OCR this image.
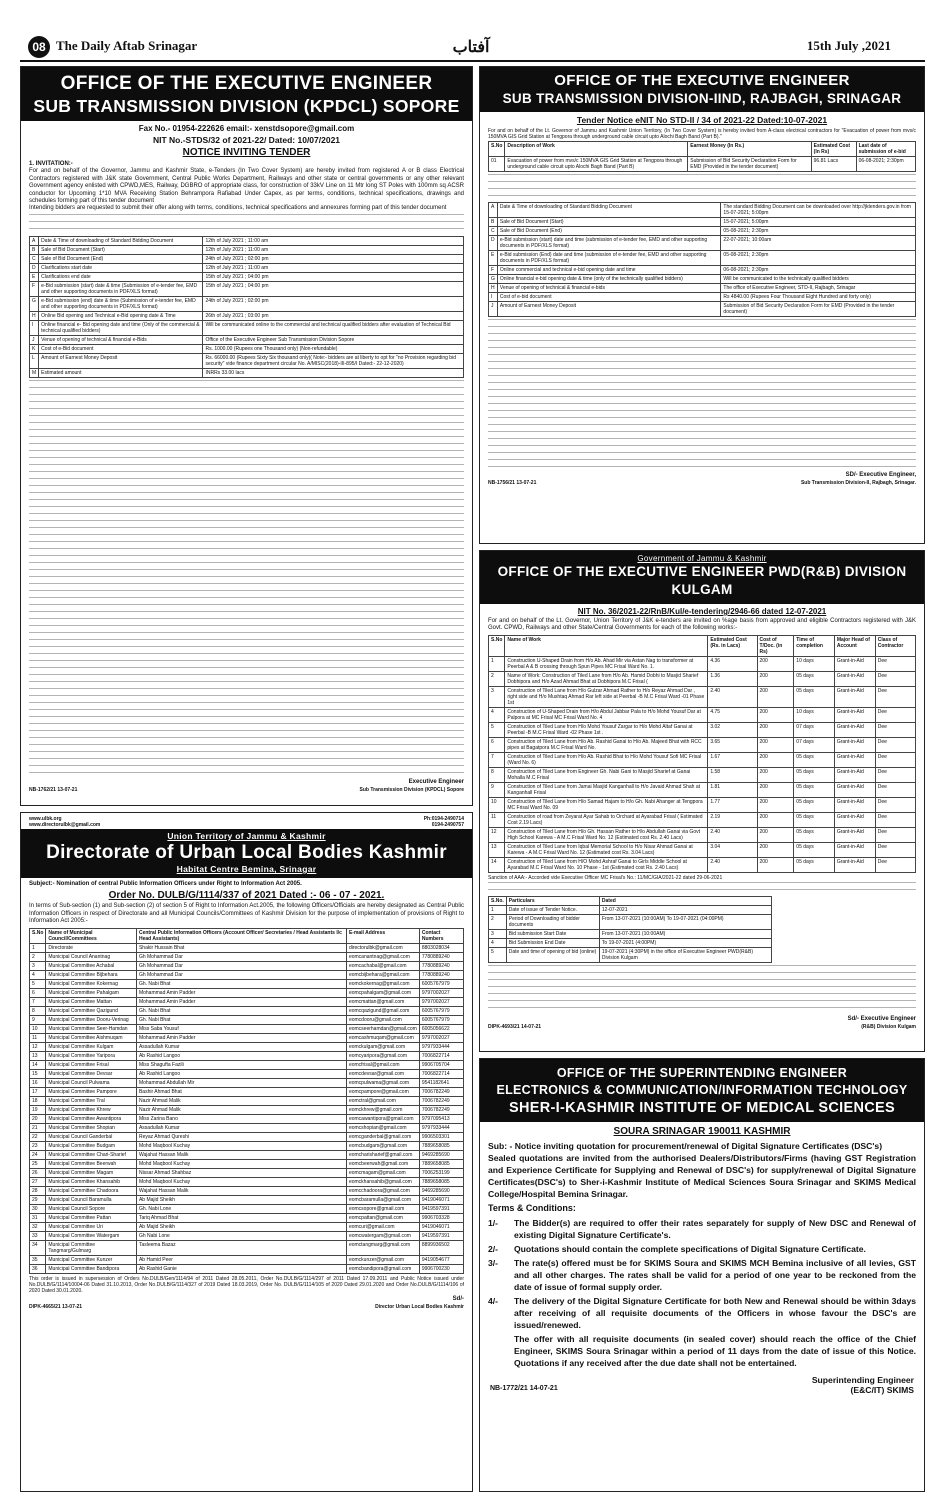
08 The Daily Aftab Srinagar	آفتاب	15th July ,2021
OFFICE OF THE EXECUTIVE ENGINEER
SUB TRANSMISSION DIVISION (KPDCL) SOPORE
Fax No.- 01954-222626 email:- xenstdsopore@gmail.com
NIT No.-STDS/32 of 2021-22/ Dated: 10/07/2021
NOTICE INVITING TENDER
1. INVITATION:-
For and on behalf of the Governor, Jammu and Kashmir State, e-Tenders (In Two Cover System) are hereby invited from registered A or B class Electrical Contractors registered with J&K state Government, Central Public Works Department, Railways and other state or central governments or any other relevant Government agency enlisted with CPWD,MES, Railway, DGBRO of appropriate class, for construction of 33kV Line on 11 Mtr long ST Poles with 100mm sq ACSR conductor for Upcoming 1*10 MVA Receiving Station Behrampora Rafiabad Under Capex, as per terms, conditions, technical specifications, drawings and schedules forming part of this tender document
Intending bidders are requested to submit their offer along with terms, conditions, technical specifications and annexures forming part of this tender document
A	Date & Time of downloading of Standard Bidding Document	12th of July 2021 ; 11:00 am
B	Sale of Bid Document (Start)	12th of July 2021 ; 11:00 am
C	Sale of Bid Document (End)	24th of July 2021 ; 02:00 pm
D	Clarifications start date	12th of July 2021 ; 11:00 am
E	Clarifications end date	15th of July 2021 ; 04:00 pm
F	e-Bid submission (start) date & time (Submission of e-tender fee, EMD and other supporting documents in PDF/XLS format)	15th of July 2021 ; 04:00 pm
G	e-Bid submission (end) date & time (Submission of e-tender fee, EMD and other supporting documents in PDF/XLS format)	24th of July 2021 ; 02:00 pm
H	Online Bid opening and Technical e-Bid opening date & Time	26th of July 2021 ; 03:00 pm
I	Online financial e- Bid opening date and time (Only of the commercial & technical qualified bidders)	Will be communicated online to the commercial and technical qualified bidders after evaluation of Technical Bid
J	Venue of opening of technical & financial e-Bids	Office of the Executive Engineer Sub Transmission Division Sopore
K	Cost of e-Bid document	Rs. 1000.00 (Rupees one Thousand only) (Non-refundable)
L	Amount of Earnest Money Deposit	Rs. 66000.00 (Rupees Sixty Six thousand only)( Note:- bidders are at liberty to opt for "no Provision regarding bid security" vide finance department circular No. A/MISC(2018)-III-895/I Dated:- 22-12-2020)
M	Estimated amount	INRRs 33.00 lacs
Executive Engineer
NB-1762/21 13-07-21	Sub Transmission Division (KPDCL) Sopore
OFFICE OF THE EXECUTIVE ENGINEER
SUB TRANSMISSION DIVISION-IIND, RAJBAGH, SRINAGAR
Tender Notice eNIT No STD-II / 34 of 2021-22 Dated:10-07-2021
For and on behalf of the Lt. Governor of Jammu and Kashmir Union Territory, (In Two Cover System) is hereby invited from A-class electrical contractors for "Evacuation of power from mvs/c 150MVA GIS Grid Station at Tengpora through underground cable circuit upto Alochi Bagh Band (Part B)."
S.No	Description of Work	Earnest Money (In Rs.)	Estimated Cost (In Rs)	Last date of submission of e-bid
01	Evacuation of power from mvs/c 150MVA GIS Grid Station at Tengpora through underground cable circuit upto Alochi Bagh Band (Part B)	Submission of Bid Security Declaration Form for EMD (Provided in the tender document)	96.81 Lacs	06-08-2021; 2:30pm
A	Date & Time of downloading of Standard Bidding Document	The standard Bidding Document can be downloaded over http://jktenders.gov.in from 15-07-2021; 5:00pm
B	Sale of Bid Document (Start)	15-07-2021; 5:00pm
C	Sale of Bid Document (End)	05-08-2021; 2:30pm
D	e-Bid submission (start) date and time (submission of e-tender fee, EMD and other supporting documents in PDF/XLS format)	22-07-2021; 10:00am
E	e-Bid submission (End) date and time (submission of e-tender fee, EMD and other supporting documents in PDF/XLS format)	05-08-2021; 2:30pm
F	Online commercial and technical e-bid opening date and time	06-08-2021; 2:30pm
G	Online financial e-bid opening date & time (only of the technically qualified bidders)	Will be communicated to the technically qualified bidders
H	Venue of opening of technical & financial e-bids	The office of Executive Engineer, STD-II, Rajbagh, Srinagar
I	Cost of e-bid document	Rs 4840.00 (Rupees Four Thousand Eight Hundred and forty only)
J	Amount of Earnest Money Deposit	Submission of Bid Security Declaration Form for EMD (Provided in the tender document)
SD/- Executive Engineer,
NB-1756/21 13-07-21	Sub Transmission Division-II, Rajbagh, Srinagar.
Government of Jammu & Kashmir
OFFICE OF THE EXECUTIVE ENGINEER PWD(R&B) DIVISION KULGAM
NIT No. 36/2021-22/RnB/Kul/e-tendering/2946-66 dated 12-07-2021
For and on behalf of the Lt. Governor, Union Territory of J&K e-tenders are invited on %age basis from approved and eligible Contractors registered with J&K Govt. CPWD, Railways and other State/Central Governments for each of the following works:-
S.No	Name of Work	Estimated Cost (Rs. in Lacs)	Cost of T/Doc. (in Rs)	Time of completion	Major Head of Account	Class of Contractor
1	Construction U-Shaped Drain from H/o Ab. Ahad Mir via Astan Nag to transformer at Peerbal A & B crossing through Spun Pipes MC Frisal Ward No. 1.	4.36	200	10 days	Grant-in-Aid	Dee
2	Name of Work: Construction of Tiled Lane from H/o Ab. Hamid Dobhi to Masjid Sharief Dobhipora and H/o Azad Ahmad Bhat at Dobhipora M.C Frisal (	1.36	200	05 days	Grant-in-Aid	Dee
3	Construction of Tiled Lane from H/o Gulzar Ahmad Rather to H/o Reyaz Ahmad Dar , right side and H/o Mushtaq Ahmad Rar left side at Peerbal -B M.C Frisal Ward -01 Phase 1st	2.40	200	05 days	Grant-in-Aid	Dee
4	Construction of U-Shaped Drain from H/o Abdul Jabbar Pala to H/o Mohd Yousuf Dar at Palpora at MC Frisal MC Frisal Ward No. 4	4.75	200	10 days	Grant-in-Aid	Dee
5	Construction of Tiled Lane from H/o Mohd Yousuf Zargar to H/o Mohd Altaf Ganai at Peerbal -B M.C Frisal Ward -02 Phase 1st .	3.02	200	07 days	Grant-in-Aid	Dee
6	Construction of Tiled Lane from H/o Ab. Rashid Ganai to H/o Ab. Majeed Bhat with RCC pipes at Bagatpora M.C Frisal Ward No.	3.65	200	07 days	Grant-in-Aid	Dee
7	Construction of Tiled Lane from H/o Ab. Rashid Bhat to H/o Mohd Yousuf Sofi MC Frisal (Ward No. 6)	1.67	200	05 days	Grant-in-Aid	Dee
8	Construction of Tiled Lane from Engineer Gh. Nabi Gani to Masjid Sharief at Ganai Mohalla M.C Frisal	1.58	200	05 days	Grant-in-Aid	Dee
9	Construction of Tiled Lane from Jamai Masjid Kanganhall to H/o Javaid Ahmad Shah at Kanganhall Frisal	1.81	200	05 days	Grant-in-Aid	Dee
10	Construction of Tiled Lane from H/o Samad Hajam to H/o Gh. Nabi Ahanger at Tengpora MC Frisal Ward No. 09	1.77	200	05 days	Grant-in-Aid	Dee
11	Construction of road from Zeyarat Ayar Sahab to Orchard at Ayarabad Frisal ( Estimated Cost 2.19 Lacs)	2.19	200	05 days	Grant-in-Aid	Dee
12	Construction of Tiled Lane from H/o Gh. Hassan Rather to H/o Abdullah Ganai via Govt High School Karewa - A M.C Frisal Ward No. 12 (Estimated cost Rs. 2.40 Lacs)	2.40	200	05 days	Grant-in-Aid	Dee
13	Construction of Tiled Lane from Iqbal Memorial School to H/o Nisar Ahmad Ganai at Karewa - A M.C Frisal Ward No. 12 (Estimated cost Rs. 3.04 Lacs)	3.04	200	05 days	Grant-in-Aid	Dee
14	Construction of Tiled Lane from H/O Mohd Ashraf Ganai to Girls Middle School at Ayarabad M.C Frisal Ward No. 10 Phase - 1st (Estimated cost Rs. 2.40 Lacs)	2.40	200	05 days	Grant-in-Aid	Dee
Sanction of AAA:- Accorded vide Executive Officer MC Frisal's No.: 11/MC/GIA/2021-22 dated 29-06-2021
S.No.	Particulars	Dated
1	Date of issue of Tender Notice.	12-07-2021
2	Period of Downloading of bidder documents	From 13-07-2021 (10:00AM) To 19-07-2021 (04:00PM)
3	Bid submission Start Date	From 13-07-2021 (10:00AM)
4	Bid Submission End Date	To 19-07-2021 (4:00PM)
5	Date and time of opening of bid (online)	19-07-2021 (4:30PM) in the office of Executive Engineer PWD(R&B) Division Kulgam
Sd/- Executive Engineer
DIPK-4693/21 14-07-21	(R&B) Division Kulgam
www.ulbk.org
www.directorulbk@gmail.com
Ph:0194-2490714
0194-2490757
Union Territory of Jammu & Kashmir
Directorate of Urban Local Bodies Kashmir
Habitat Centre Bemina, Srinagar
Subject:- Nomination of central Public Information Officers under Right to Information Act 2005.
Order No. DULB/G/1114/337 of 2021 Dated :- 06 - 07 - 2021.
In terms of Sub-section (1) and Sub-section (2) of section 5 of Right to Information Act.2005, the following Officers/Officials are hereby designated as Central Public Information Officers in respect of Directorate and all Municipal Councils/Committees of Kashmir Division for the purpose of implementation of provisions of Right to Information Act 2005:-
S.No	Name of Municipal Council/Committees	Central Public Information Officers (Account Officer/ Secretaries / Head Assistants I/c Head Assistants)	E-mail Address	Contact Numbers
1	Directorate	Shakir Hussain Bhat	directorulbk@gmail.com	8803028034
2	Municipal Council Anantnag	Gh Mohammad Dar	eomcanantnag@gmail.com	7780889240
3	Municipal Committee Achabal	Gh Mohammad Dar	eomcachabal@gmail.com	7780889240
4	Municipal Committee Bijbehara	Gh Mohammad Dar	eomcbijbehara@gmail.com	7780889240
5	Municipal Committee Kokernag	Gh. Nabi Bhat	eomckokernag@gmail.com	6005767979
6	Municipal Committee Pahalgam	Mohammad Amin Padder	eomcpahalgam@gmail.com	9797002027
7	Municipal Committee Mattan	Mohammad Amin Padder	eomcmattan@gmail.com	9797002027
8	Municipal Committee Qazigund	Gh. Nabi Bhat	eomcqazigund@gmail.com	6005767979
9	Municipal Committee Dooru-Verinag	Gh. Nabi Bhat	eomcdooru@gmail.com	6005767979
10	Municipal Committee Seer-Hamdan	Miss Saba Yousuf	eomcseerhamdan@gmail.com	6005056622
11	Municipal Committee Aishmuqam	Mohammad Amin Padder	eomcashmuqam@gmail.com	9797002027
12	Municipal Committee Kulgam	Assadullah Kumar	eomckulgam@gmail.com	9797933444
13	Municipal Committee Yaripora	Ab Rashid Langoo	eomcyaripora@gmail.com	7006822714
14	Municipal Committee Frisal	Miss Shagufta Fazili	eomcfrisal@gmail.com	9906705704
15	Municipal Committee Devsar	Ab Rashid Langoo	eomcdevsar@gmail.com	7006822714
16	Municipal Council Pulwama	Mohammad Abdullah Mir	eomcpulwama@gmail.com	9541182641
17	Municipal Committee Pampore	Bashir Ahmad Bhat	eomcpampore@gmail.com	7006782249
18	Municipal Committee Tral	Nazir Ahmad Malik	eomctral@gmail.com	7006782249
19	Municipal Committee Khrew	Nazir Ahmad Malik	eomckhrew@gmail.com	7006782249
20	Municipal Committee Awantipora	Miss Zarina Bano	eomcawantipora@gmail.com	9797095413
21	Municipal Committee Shopian	Assadullah Kumar	eomcshopian@gmail.com	9797933444
22	Municipal Council Ganderbal	Reyaz Ahmad Qureshi	eomcganderbal@gmail.com	9906503301
23	Municipal Committee Budgam	Mohd Maqbool Kuchay	eomcbudgam@gmail.com	7889658085
24	Municipal Committee Chari-Sharief	Wajahat Hassan Malik	eomcharisharief@gmail.com	9469285690
25	Municipal Committee Beerwah	Mohd Maqbool Kuchay	eomcbeerwah@gmail.com	7889658085
26	Municipal Committee Magam	Nissar Ahmad Shahbaz	eomcmagam@gmail.com	7006253199
27	Municipal Committee Khansahib	Mohd Maqbool Kuchay	eomckhansahib@gmail.com	7889658085
28	Municipal Committee Chadoora	Wajahat Hassan Malik	eomcchadoora@gmail.com	9469285690
29	Municipal Council Baramulla	Ab Majid Sheikh	eomcbaramulla@gmail.com	9419046071
30	Municipal Council Sopore	Gh. Nabi Lone	eomcsopore@gmail.com	9419597391
31	Municipal Committee Pattan	Tariq Ahmad Bhat	eomcpattan@gmail.com	9906703328
32	Municipal Committee Uri	Ab Majid Sheikh	eomcuri@gmail.com	9419046071
33	Municipal Committee Watergam	Gh Nabi Lone	eomcwatergam@gmail.com	9419597391
34	Municipal Committee Tangmarg/Gulmarg	Tasleema Bazaz	eomctangmarg@gmail.com	8899936502
35	Municipal Committee Kunzer	Ab Hamid Peer	eomckunzer@gmail.com	9419054677
36	Municipal Committee Bandipora	Ab Rashid Ganie	eomcbandipora@gmail.com	9906700230
This order is issued in supersession of Orders No.DULB/Gen/1114/94 of 2011 Dated 28.05.2011, Order No.DULB/G/1114/297 of 2011 Dated 17.09.2011 and Public Notice issued under No.DULB/G/1114/10004-06 Dated 31.10.2013, Order No.DULB/G/1114/327 of 2019 Dated 18.03.2019, Order No. DULB/G/1114/105 of 2020 Dated 29.01.2020 and Order No.DULB/G/1114/106 of 2020 Dated 30.01.2020.
Sd/-
DIPK-4665/21 13-07-21	Director Urban Local Bodies Kashmir
OFFICE OF THE SUPERINTENDING ENGINEER
ELECTRONICS & COMMUNICATION/INFORMATION TECHNOLOGY
SHER-I-KASHMIR INSTITUTE OF MEDICAL SCIENCES
SOURA SRINAGAR 190011 KASHMIR
Sub: - Notice inviting quotation for procurement/renewal of Digital Signature Certificates (DSC's)
Sealed quotations are invited from the authorised Dealers/Distributors/Firms (having GST Registration and Experience Certificate for Supplying and Renewal of DSC's) for supply/renewal of Digital Signature Certificates(DSC's) to Sher-i-Kashmir Institute of Medical Sciences Soura Srinagar and SKIMS Medical College/Hospital Bemina Srinagar.
Terms & Conditions:
1/-	The Bidder(s) are required to offer their rates separately for supply of New DSC and Renewal of existing Digital Signature Certificate's.
2/-	Quotations should contain the complete specifications of Digital Signature Certificate.
3/-	The rate(s) offered must be for SKIMS Soura and SKIMS MCH Bemina inclusive of all levies, GST and all other charges. The rates shall be valid for a period of one year to be reckoned from the date of issue of formal supply order.
4/-	The delivery of the Digital Signature Certificate for both New and Renewal should be within 3days after receiving of all requisite documents of the Officers in whose favour the DSC's are issued/renewed.
The offer with all requisite documents (in sealed cover) should reach the office of the Chief Engineer, SKIMS Soura Srinagar within a period of 11 days from the date of issue of this Notice. Quotations if any received after the due date shall not be entertained.
Superintending Engineer
NB-1772/21 14-07-21	(E&C/IT) SKIMS
